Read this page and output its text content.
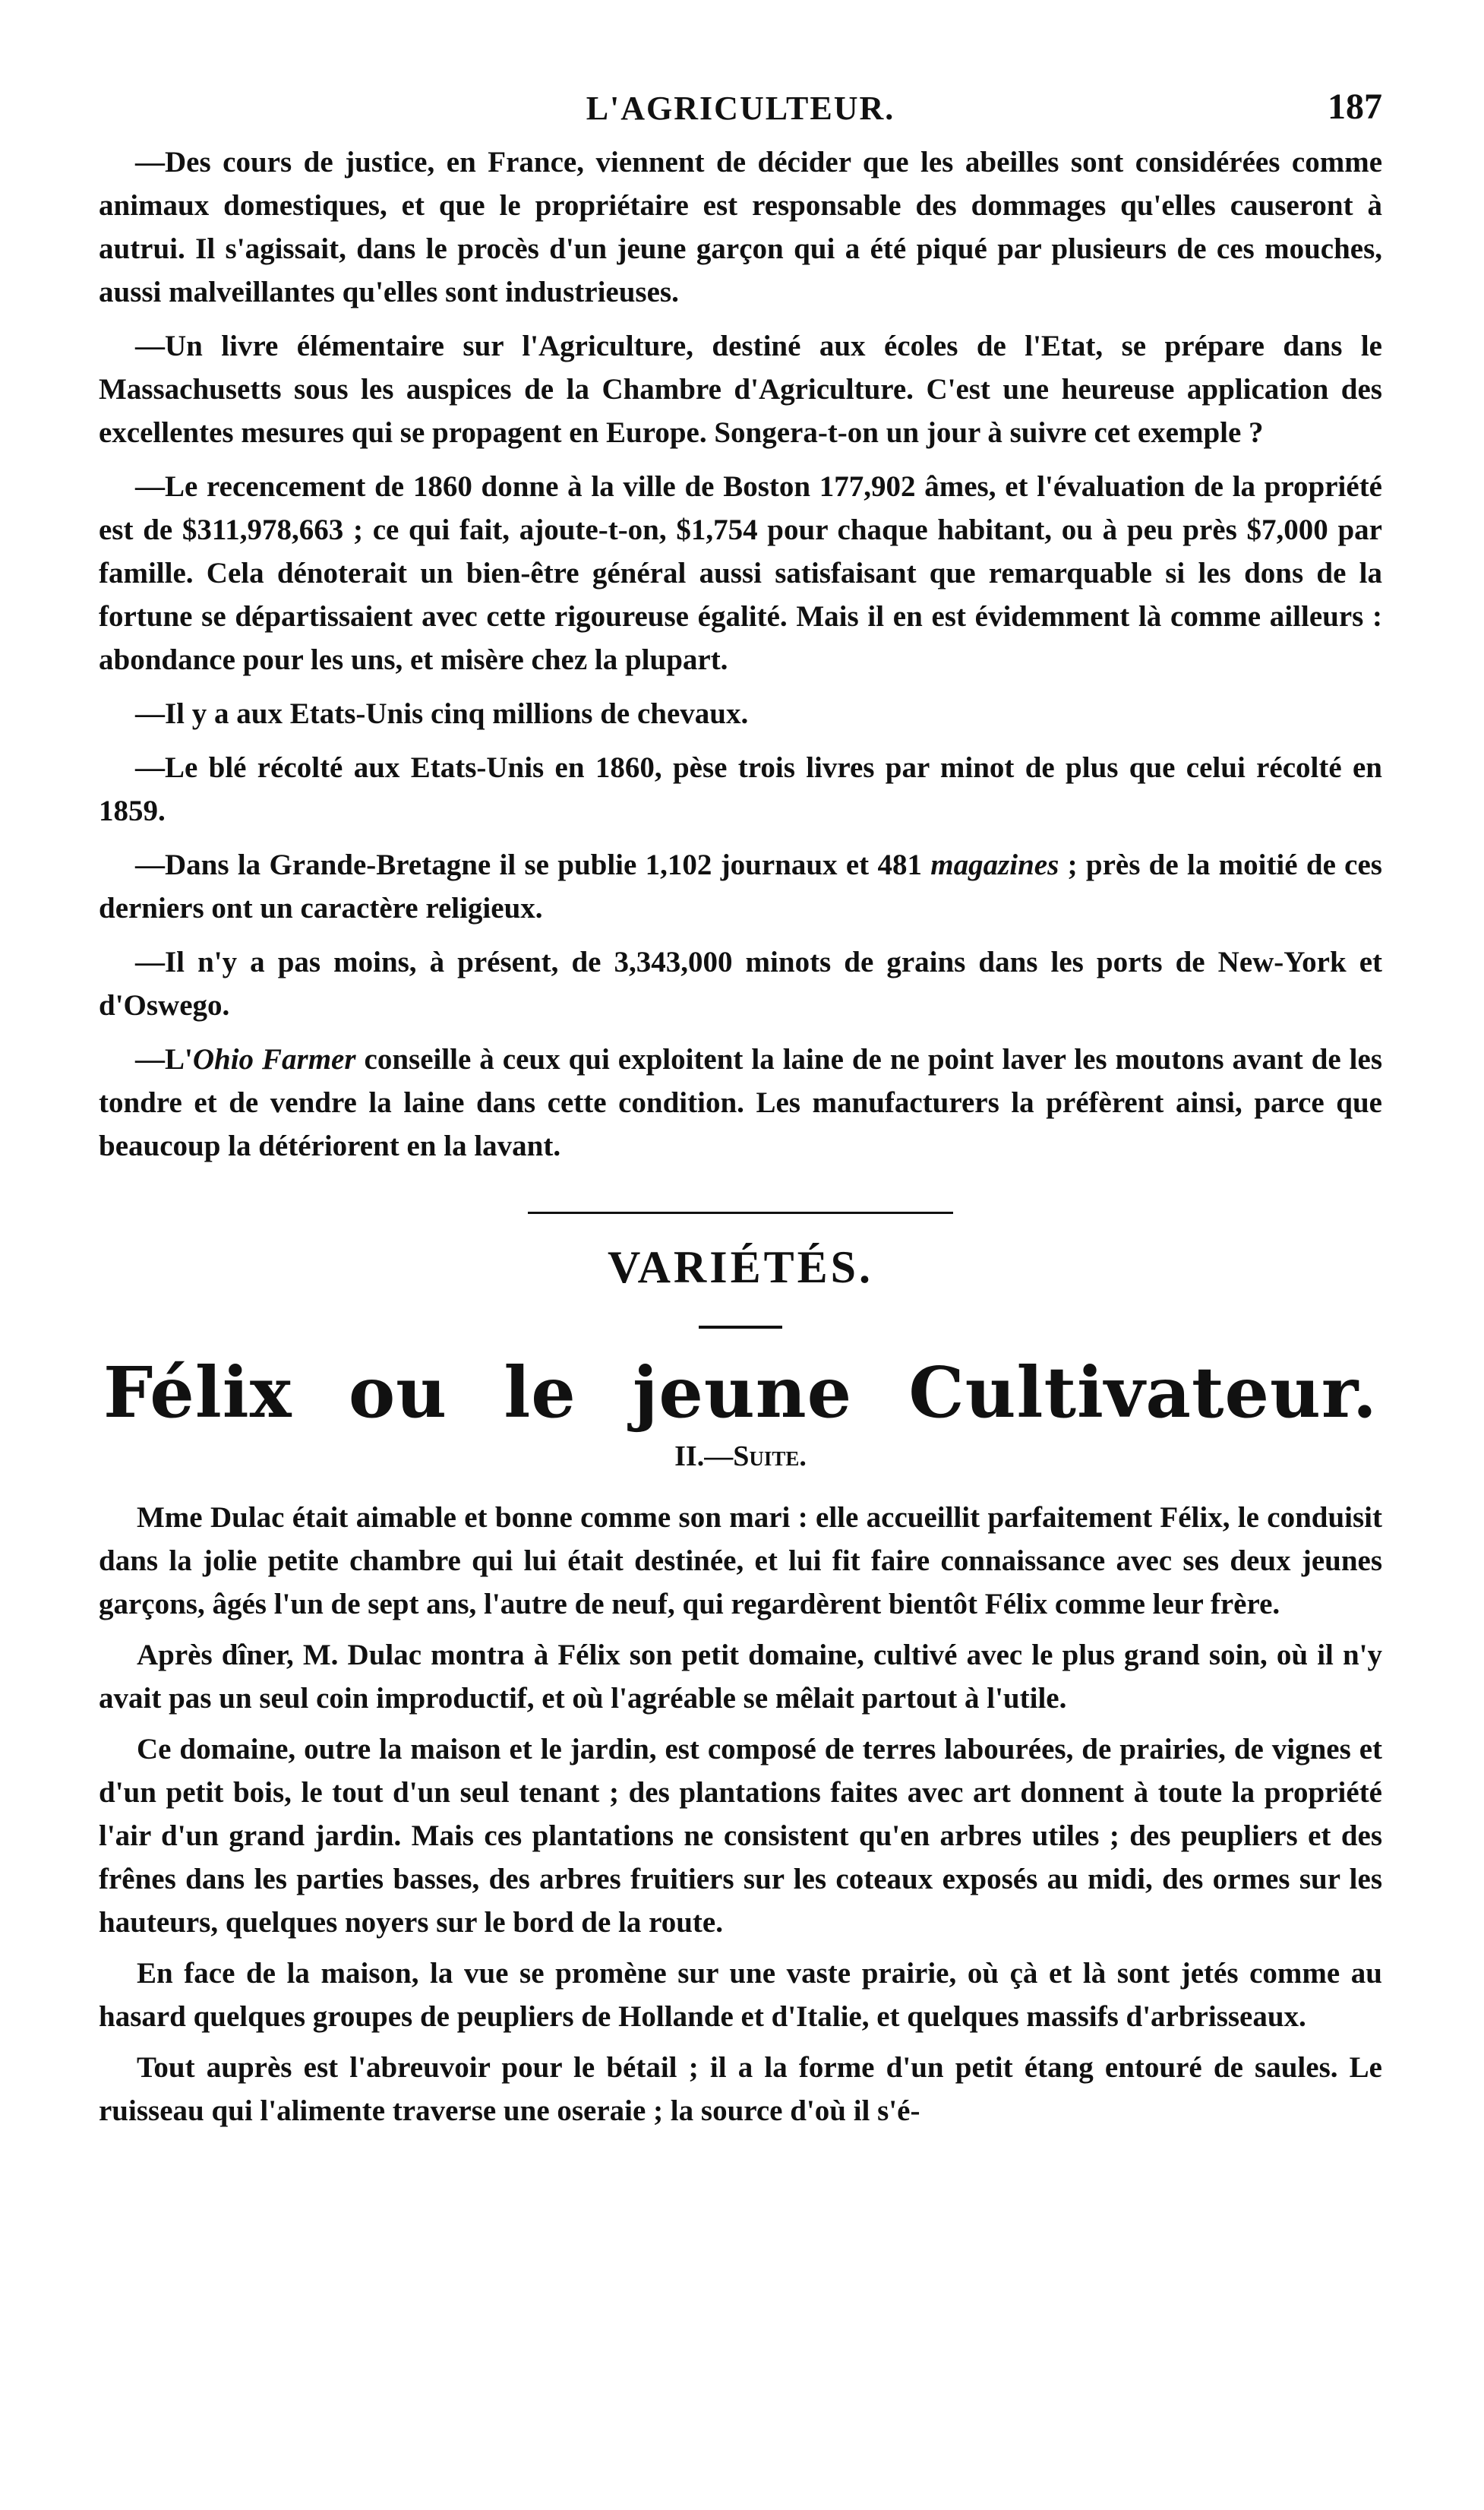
L'AGRICULTEUR.	187

—Des cours de justice, en France, viennent de décider que les abeilles sont considérées comme animaux domestiques, et que le propriétaire est responsable des dommages qu'elles causeront à autrui. Il s'agissait, dans le procès d'un jeune garçon qui a été piqué par plusieurs de ces mouches, aussi malveillantes qu'elles sont industrieuses.

—Un livre élémentaire sur l'Agriculture, destiné aux écoles de l'Etat, se prépare dans le Massachusetts sous les auspices de la Chambre d'Agriculture. C'est une heureuse application des excellentes mesures qui se propagent en Europe. Songera-t-on un jour à suivre cet exemple ?

—Le recencement de 1860 donne à la ville de Boston 177,902 âmes, et l'évaluation de la propriété est de $311,978,663 ; ce qui fait, ajoute-t-on, $1,754 pour chaque habitant, ou à peu près $7,000 par famille. Cela dénoterait un bien-être général aussi satisfaisant que remarquable si les dons de la fortune se départissaient avec cette rigoureuse égalité. Mais il en est évidemment là comme ailleurs : abondance pour les uns, et misère chez la plupart.

—Il y a aux Etats-Unis cinq millions de chevaux.

—Le blé récolté aux Etats-Unis en 1860, pèse trois livres par minot de plus que celui récolté en 1859.

—Dans la Grande-Bretagne il se publie 1,102 journaux et 481 magazines ; près de la moitié de ces derniers ont un caractère religieux.

—Il n'y a pas moins, à présent, de 3,343,000 minots de grains dans les ports de New-York et d'Oswego.

—L'Ohio Farmer conseille à ceux qui exploitent la laine de ne point laver les moutons avant de les tondre et de vendre la laine dans cette condition. Les manufacturers la préfèrent ainsi, parce que beaucoup la détériorent en la lavant.

VARIÉTÉS.
Félix ou le jeune Cultivateur.
II.—Suite.

Mme Dulac était aimable et bonne comme son mari : elle accueillit parfaitement Félix, le conduisit dans la jolie petite chambre qui lui était destinée, et lui fit faire connaissance avec ses deux jeunes garçons, âgés l'un de sept ans, l'autre de neuf, qui regardèrent bientôt Félix comme leur frère.

Après dîner, M. Dulac montra à Félix son petit domaine, cultivé avec le plus grand soin, où il n'y avait pas un seul coin improductif, et où l'agréable se mêlait partout à l'utile.

Ce domaine, outre la maison et le jardin, est composé de terres labourées, de prairies, de vignes et d'un petit bois, le tout d'un seul tenant ; des plantations faites avec art donnent à toute la propriété l'air d'un grand jardin. Mais ces plantations ne consistent qu'en arbres utiles ; des peupliers et des frênes dans les parties basses, des arbres fruitiers sur les coteaux exposés au midi, des ormes sur les hauteurs, quelques noyers sur le bord de la route.

En face de la maison, la vue se promène sur une vaste prairie, où çà et là sont jetés comme au hasard quelques groupes de peupliers de Hollande et d'Italie, et quelques massifs d'arbrisseaux.

Tout auprès est l'abreuvoir pour le bétail ; il a la forme d'un petit étang entouré de saules. Le ruisseau qui l'alimente traverse une oseraie ; la source d'où il s'é-
